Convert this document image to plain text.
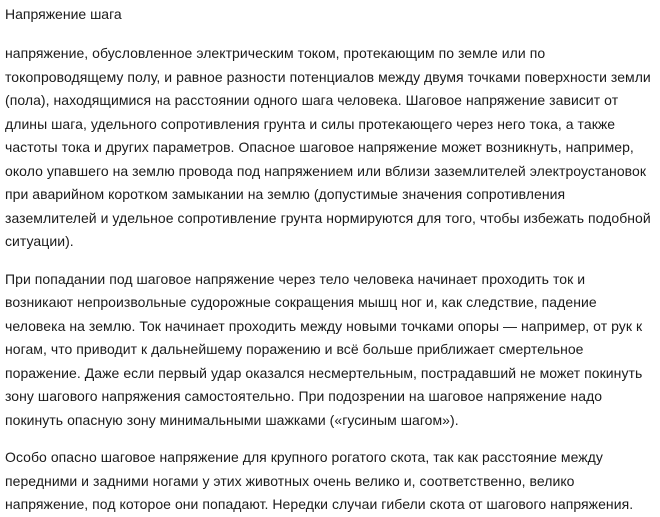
Напряжение шага

напряжение, обусловленное электрическим током, протекающим по земле или по токопроводящему полу, и равное разности потенциалов между двумя точками поверхности земли (пола), находящимися на расстоянии одного шага человека. Шаговое напряжение зависит от длины шага, удельного сопротивления грунта и силы протекающего через него тока, а также частоты тока и других параметров. Опасное шаговое напряжение может возникнуть, например, около упавшего на землю провода под напряжением или вблизи заземлителей электроустановок при аварийном коротком замыкании на землю (допустимые значения сопротивления заземлителей и удельное сопротивление грунта нормируются для того, чтобы избежать подобной ситуации).

При попадании под шаговое напряжение через тело человека начинает проходить ток и возникают непроизвольные судорожные сокращения мышц ног и, как следствие, падение человека на землю. Ток начинает проходить между новыми точками опоры — например, от рук к ногам, что приводит к дальнейшему поражению и всё больше приближает смертельное поражение. Даже если первый удар оказался несмертельным, пострадавший не может покинуть зону шагового напряжения самостоятельно. При подозрении на шаговое напряжение надо покинуть опасную зону минимальными шажками («гусиным шагом»).

Особо опасно шаговое напряжение для крупного рогатого скота, так как расстояние между передними и задними ногами у этих животных очень велико и, соответственно, велико напряжение, под которое они попадают. Нередки случаи гибели скота от шагового напряжения.
